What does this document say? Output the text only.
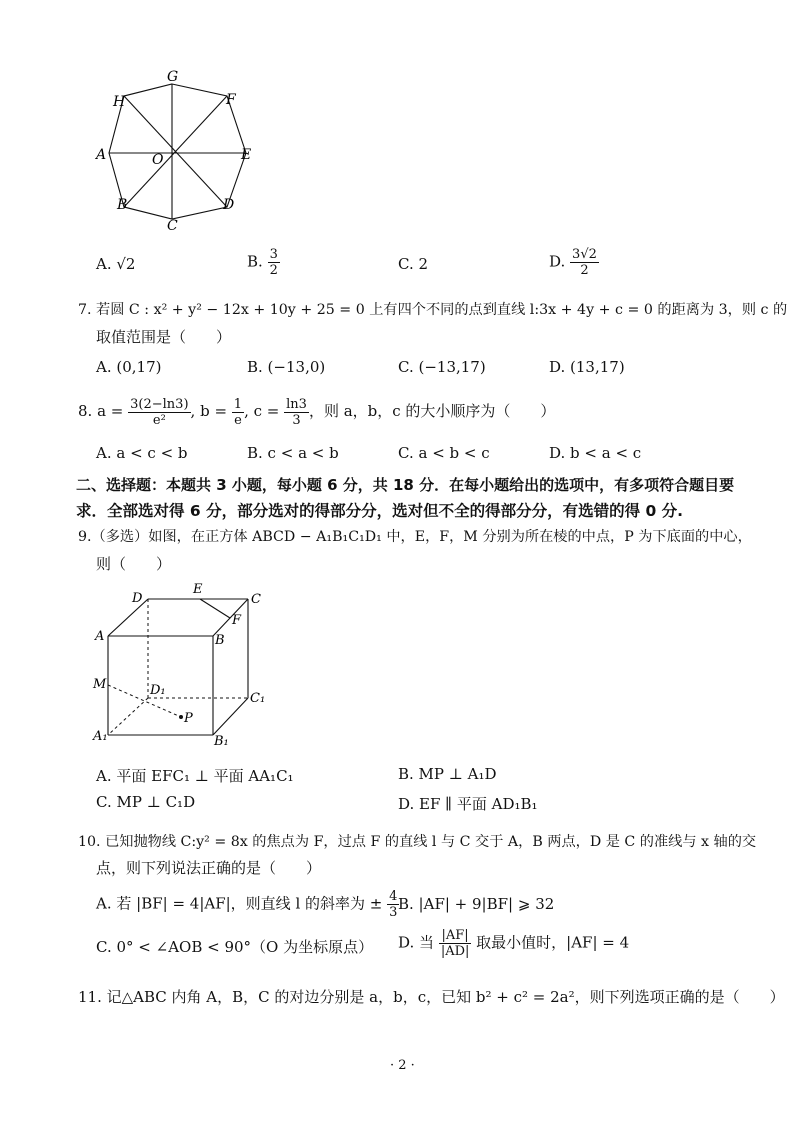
G
H	F
A	O	E
B
C
D
A. √2	B. $\frac{3}{2}$	C. 2	D. $\frac{3√2}{2}$
7. 若圆 C : x² + y² − 12x + 10y + 25 = 0 上有四个不同的点到直线 l:3x + 4y + c = 0 的距离为 3，则 c 的
取值范围是（　　）
A. (0,17)	B. (−13,0)	C. (−13,17)	D. (13,17)
8. $a = \frac{3(2-\ln 3)}{\text{e²}}$ , $b = \frac{1}{e}$ , $c = \frac{\ln 3}{3}$ ，则 a，b，c 的大小顺序为（　　）
A. a < c < b	B. c < a < b	C. a < b < c	D. b < a < c
二、选择题：本题共 3 小题，每小题 6 分，共 18 分．在每小题给出的选项中，有多项符合题目要
求．全部选对得 6 分，部分选对的得部分分，选对但不全的得部分分，有选错的得 0 分.
9.（多选）如图，在正方体 ABCD − A₁B₁C₁D₁ 中，E，F，M 分别为所在棱的中点，P 为下底面的中心，
则（　　）
D
E
C
A	B
F
M	D₁
C₁
P
A₁	B₁
A. 平面 EFC₁ ⊥ 平面 AA₁C₁	B. MP ⊥ A₁D
C. MP ⊥ C₁D	D. EF ∥ 平面 AD₁B₁
10. 已知抛物线 C:y² = 8x 的焦点为 F，过点 F 的直线 l 与 C 交于 A，B 两点，D 是 C 的准线与 x 轴的交
点，则下列说法正确的是（　　）
A. 若 |BF| = 4|AF|，则直线 l 的斜率为 ± $\frac{4}{3}$
B. |AF| + 9|BF| ⩾ 32
C. 0° < ∠AOB < 90°（O 为坐标原点） D. 当 $\frac{|AF|}{|AD|}$ 取最小值时，|AF| = 4
11. 记△ABC 内角 A，B，C 的对边分别是 a，b，c，已知 b² + c² = 2a²，则下列选项正确的是（　　）
· 2 ·
